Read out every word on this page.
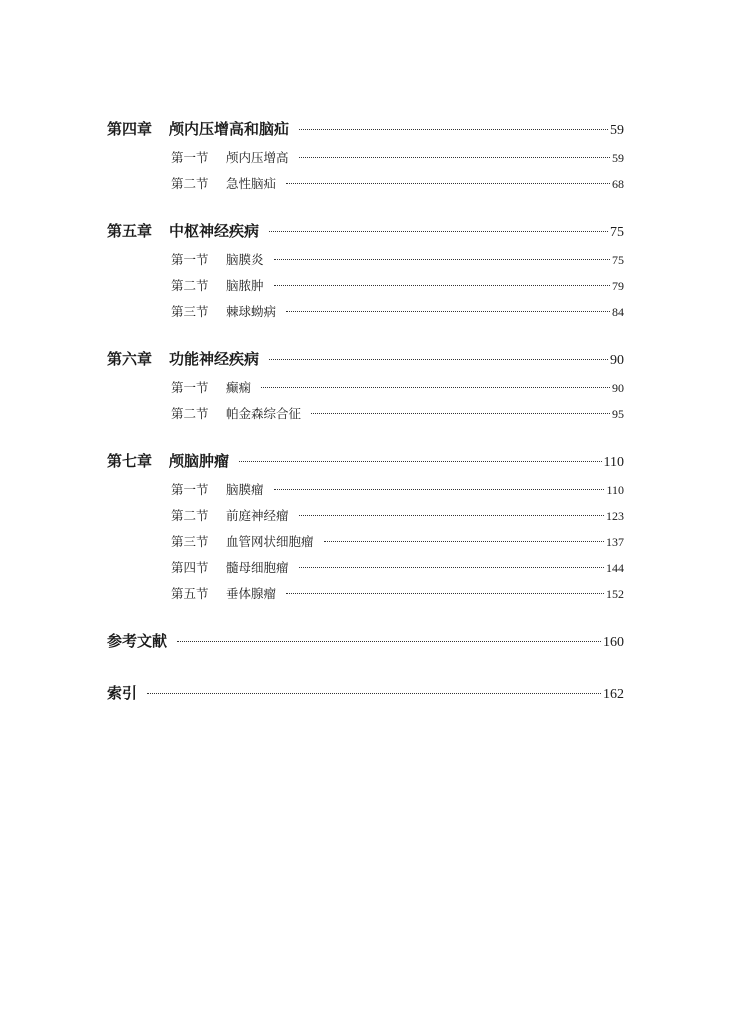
第四章	颅内压增高和脑疝	59
第一节	颅内压增高	59
第二节	急性脑疝	68
第五章	中枢神经疾病	75
第一节	脑膜炎	75
第二节	脑脓肿	79
第三节	棘球蚴病	84
第六章	功能神经疾病	90
第一节	癫痫	90
第二节	帕金森综合征	95
第七章	颅脑肿瘤	110
第一节	脑膜瘤	110
第二节	前庭神经瘤	123
第三节	血管网状细胞瘤	137
第四节	髓母细胞瘤	144
第五节	垂体腺瘤	152
参考文献	160
索引	162
